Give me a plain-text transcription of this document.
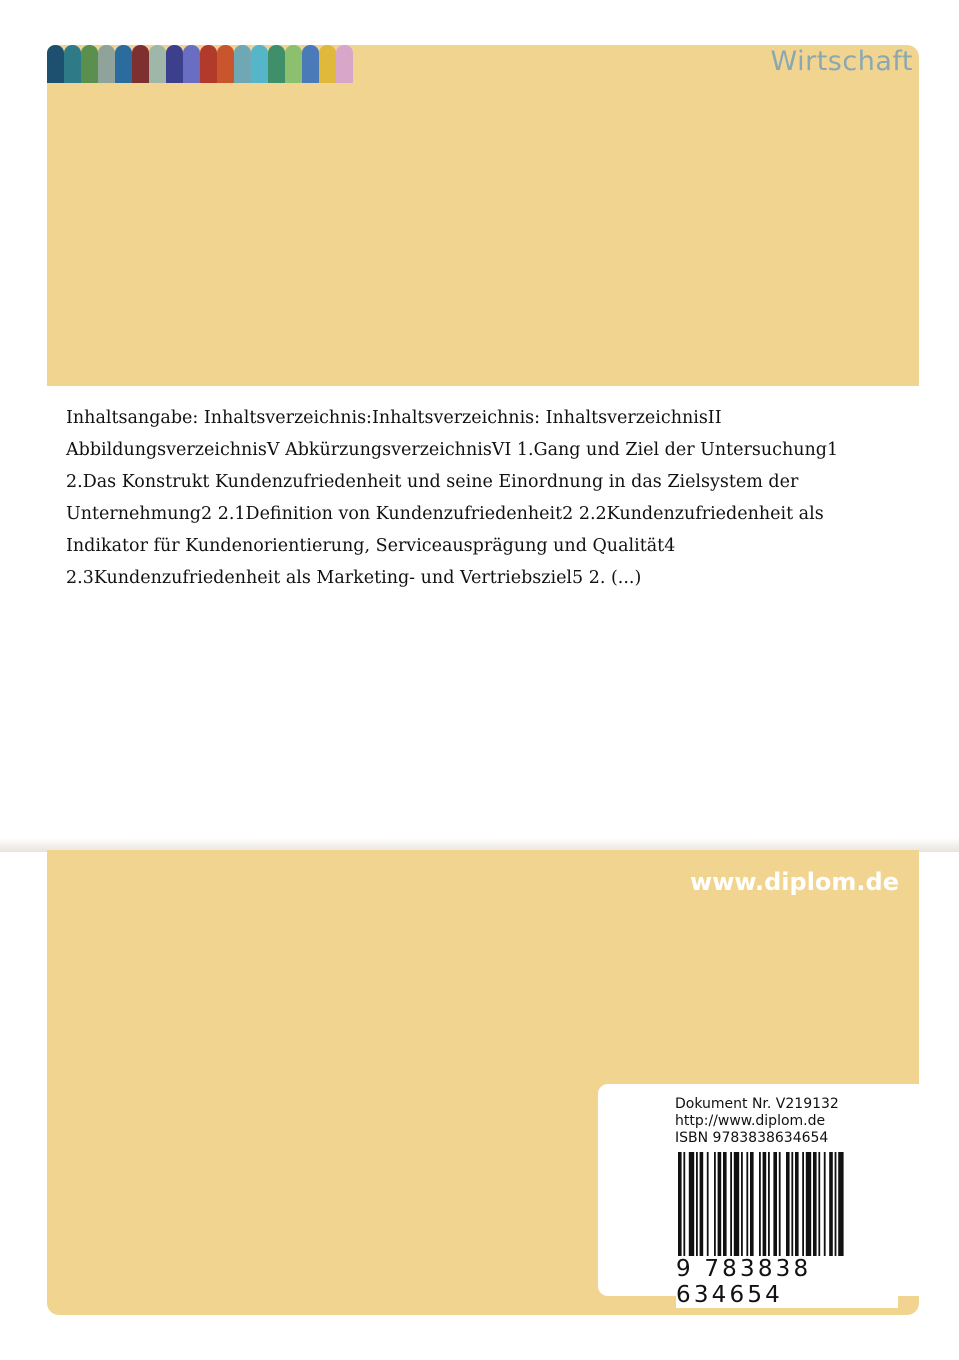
Wirtschaft
Inhaltsangabe: Inhaltsverzeichnis:Inhaltsverzeichnis: InhaltsverzeichnisII AbbildungsverzeichnisV AbkürzungsverzeichnisVI 1.Gang und Ziel der Untersuchung1 2.Das Konstrukt Kundenzufriedenheit und seine Einordnung in das Zielsystem der Unternehmung2 2.1Definition von Kundenzufriedenheit2 2.2Kundenzufriedenheit als Indikator für Kundenorientierung, Serviceausprägung und Qualität4 2.3Kundenzufriedenheit als Marketing- und Vertriebsziel5 2. (...)
www.diplom.de
Dokument Nr. V219132
http://www.diplom.de
ISBN 9783838634654
9 783838 634654
